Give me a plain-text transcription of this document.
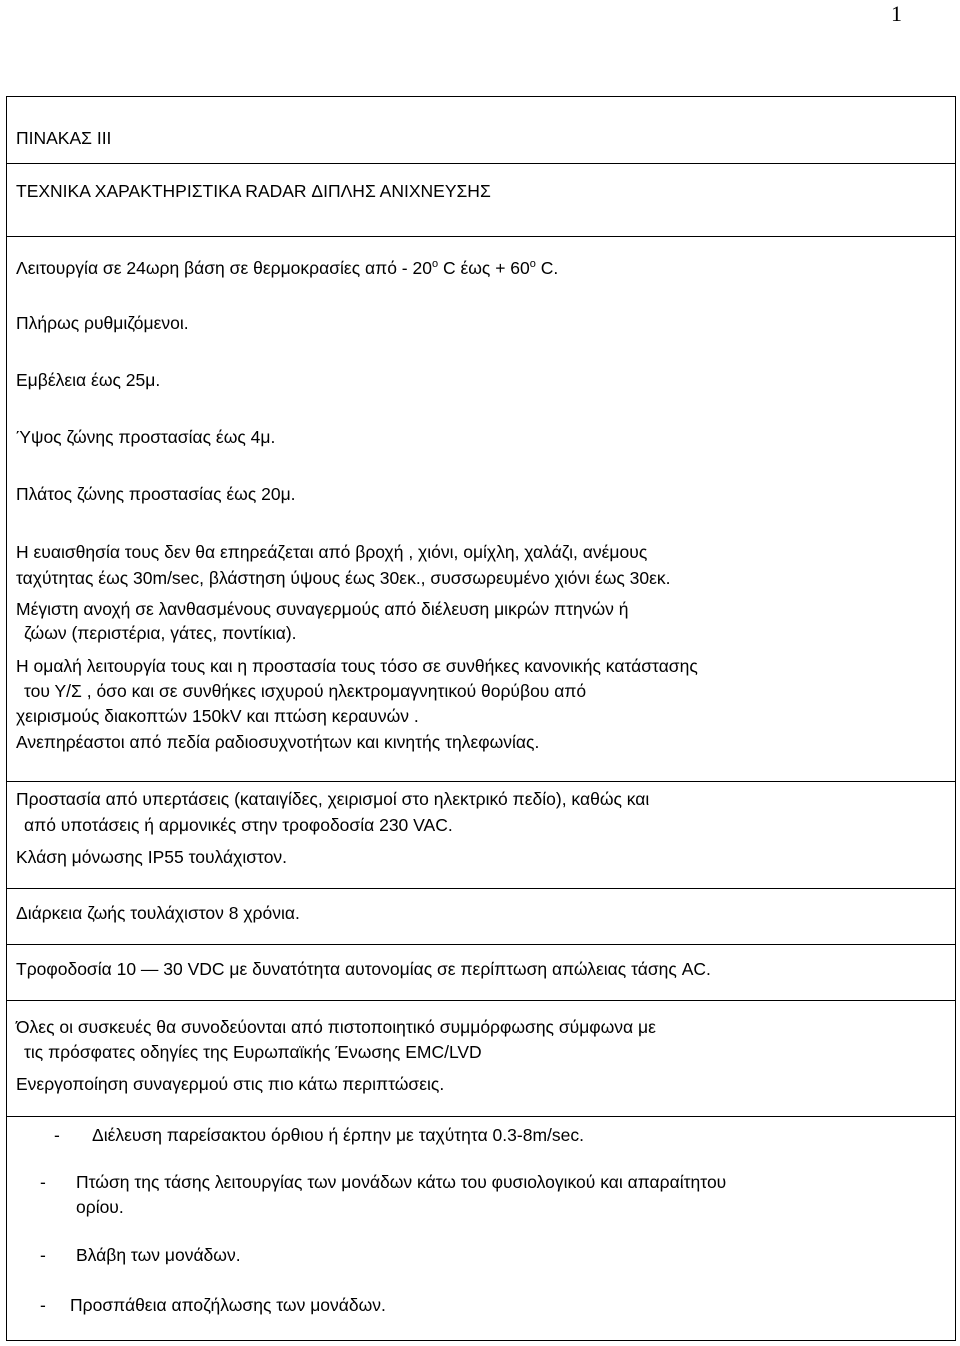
1
ΠΙΝΑΚΑΣ ΙΙΙ
ΤΕΧΝΙΚΑ ΧΑΡΑΚΤΗΡΙΣΤΙΚΑ RADAR ΔΙΠΛΗΣ ΑΝΙΧΝΕΥΣΗΣ
Λειτουργία σε 24ωρη βάση σε θερμοκρασίες από - $20^o$ C $έ\omega\varsigma + 60^o$ C.
Πλήρως ρυθμιζόμενοι.
Εμβέλεια έως 25μ.
Ύψος ζώνης προστασίας έως 4μ.
Πλάτος ζώνης προστασίας έως 20μ.
Η ευαισθησία τους δεν θα επηρεάζεται από βροχή , χιόνι, ομίχλη, χαλάζι, ανέμους
ταχύτητας έως 30m/sec, βλάστηση ύψους έως 30εκ., συσσωρευμένο χιόνι έως 30εκ.
Μέγιστη ανοχή σε λανθασμένους συναγερμούς από διέλευση μικρών πτηνών ή
ζώων (περιστέρια, γάτες, ποντίκια).
Η ομαλή λειτουργία τους και η προστασία τους τόσο σε συνθήκες κανονικής κατάστασης
του Υ/Σ , όσο και σε συνθήκες ισχυρού ηλεκτρομαγνητικού θορύβου από
χειρισμούς διακοπτών 150kV και πτώση κεραυνών .
Ανεπηρέαστοι από πεδία ραδιοσυχνοτήτων και κινητής τηλεφωνίας.
Προστασία από υπερτάσεις (καταιγίδες, χειρισμοί στο ηλεκτρικό πεδίο), καθώς και
από υποτάσεις ή αρμονικές στην τροφοδοσία 230 VAC.
Κλάση μόνωσης IP55 τουλάχιστον.
Διάρκεια ζωής τουλάχιστον 8 χρόνια.
Τροφοδοσία 10 — 30 VDC με δυνατότητα αυτονομίας σε περίπτωση απώλειας τάσης AC.
Όλες οι συσκευές θα συνοδεύονται από πιστοποιητικό συμμόρφωσης σύμφωνα με
τις πρόσφατες οδηγίες της Ευρωπαϊκής Ένωσης EMC/LVD
Ενεργοποίηση συναγερμού στις πιο κάτω περιπτώσεις.
- Διέλευση παρείσακτου όρθιου ή έρπην με ταχύτητα 0.3-8m/sec.
- Πτώση της τάσης λειτουργίας των μονάδων κάτω του φυσιολογικού και απαραίτητου
ορίου.
- Βλάβη των μονάδων.
- Προσπάθεια αποζήλωσης των μονάδων.
